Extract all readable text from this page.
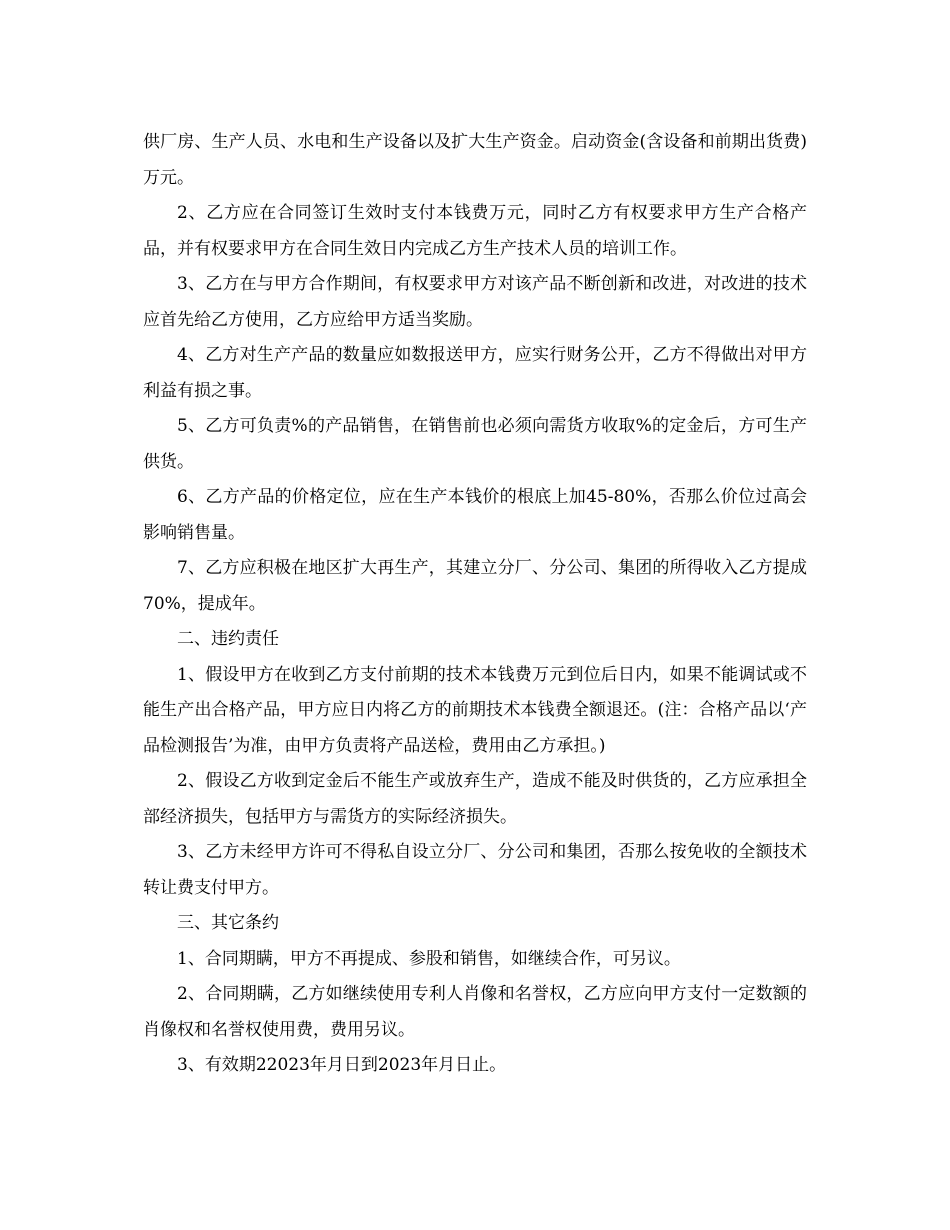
供厂房、生产人员、水电和生产设备以及扩大生产资金。启动资金(含设备和前期出货费)万元。

2、乙方应在合同签订生效时支付本钱费万元，同时乙方有权要求甲方生产合格产品，并有权要求甲方在合同生效日内完成乙方生产技术人员的培训工作。

3、乙方在与甲方合作期间，有权要求甲方对该产品不断创新和改进，对改进的技术应首先给乙方使用，乙方应给甲方适当奖励。

4、乙方对生产产品的数量应如数报送甲方，应实行财务公开，乙方不得做出对甲方利益有损之事。

5、乙方可负责%的产品销售，在销售前也必须向需货方收取%的定金后，方可生产供货。

6、乙方产品的价格定位，应在生产本钱价的根底上加45-80%，否那么价位过高会影响销售量。

7、乙方应积极在地区扩大再生产，其建立分厂、分公司、集团的所得收入乙方提成70%，提成年。

二、违约责任

1、假设甲方在收到乙方支付前期的技术本钱费万元到位后日内，如果不能调试或不能生产出合格产品，甲方应日内将乙方的前期技术本钱费全额退还。(注：合格产品以‘产品检测报告’为准，由甲方负责将产品送检，费用由乙方承担。)

2、假设乙方收到定金后不能生产或放弃生产，造成不能及时供货的，乙方应承担全部经济损失，包括甲方与需货方的实际经济损失。

3、乙方未经甲方许可不得私自设立分厂、分公司和集团，否那么按免收的全额技术转让费支付甲方。

三、其它条约

1、合同期瞒，甲方不再提成、参股和销售，如继续合作，可另议。

2、合同期瞒，乙方如继续使用专利人肖像和名誉权，乙方应向甲方支付一定数额的肖像权和名誉权使用费，费用另议。

3、有效期22023年月日到2023年月日止。
